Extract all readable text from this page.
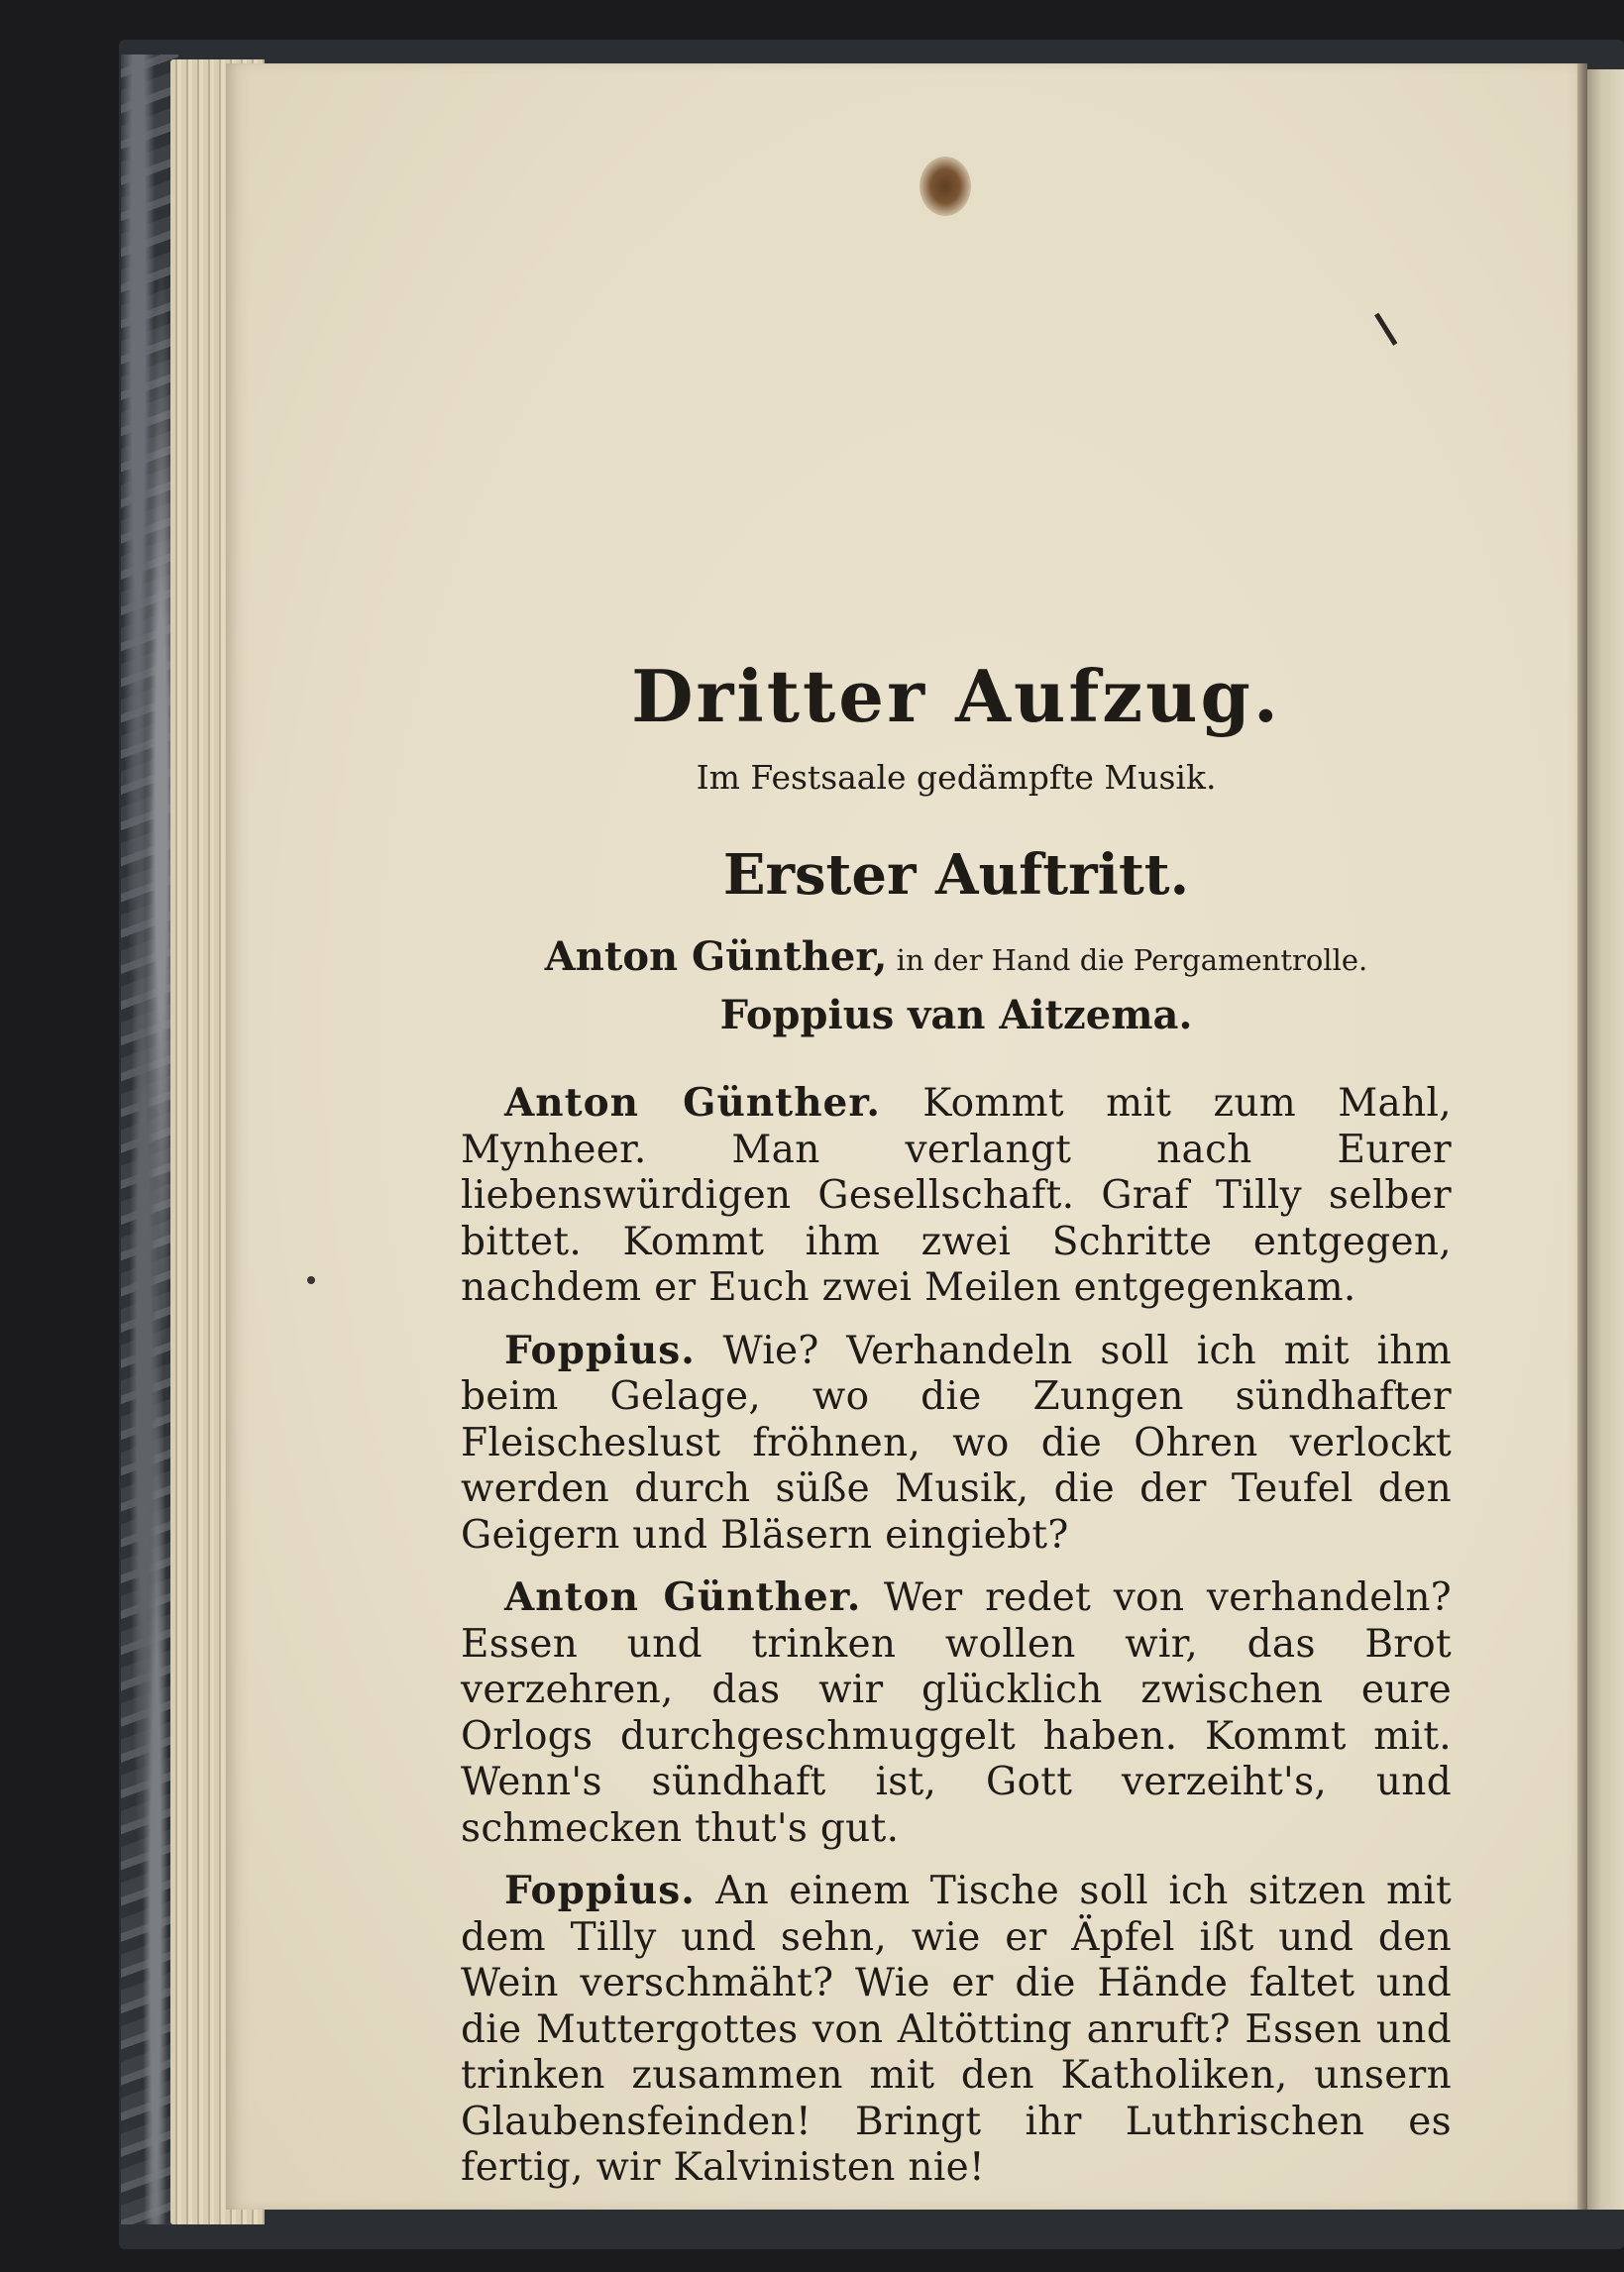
Dritter Aufzug.
Im Festsaale gedämpfte Musik.
Erster Auftritt.
Anton Günther, in der Hand die Pergamentrolle. Foppius van Aitzema.

Anton Günther. Kommt mit zum Mahl, Mynheer. Man verlangt nach Eurer liebenswürdigen Gesellschaft. Graf Tilly selber bittet. Kommt ihm zwei Schritte entgegen, nachdem er Euch zwei Meilen entgegenkam.

Foppius. Wie? Verhandeln soll ich mit ihm beim Gelage, wo die Zungen sündhafter Fleischeslust fröhnen, wo die Ohren verlockt werden durch süße Musik, die der Teufel den Geigern und Bläsern eingiebt?

Anton Günther. Wer redet von verhandeln? Essen und trinken wollen wir, das Brot verzehren, das wir glücklich zwischen eure Orlogs durchgeschmuggelt haben. Kommt mit. Wenn's sündhaft ist, Gott verzeiht's, und schmecken thut's gut.

Foppius. An einem Tische soll ich sitzen mit dem Tilly und sehn, wie er Äpfel ißt und den Wein verschmäht? Wie er die Hände faltet und die Muttergottes von Altötting anruft? Essen und trinken zusammen mit den Katholiken, unsern Glaubensfeinden! Bringt ihr Luthrischen es fertig, wir Kalvinisten nie!
